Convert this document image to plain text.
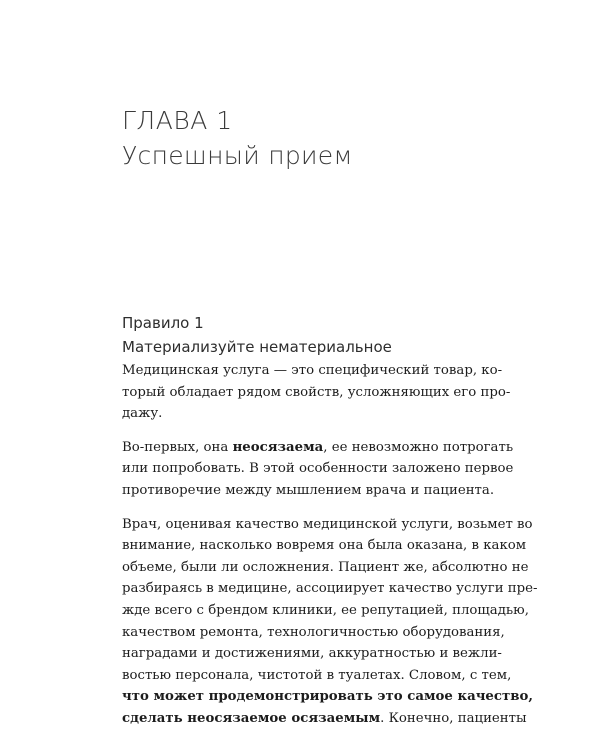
ГЛАВА 1
Успешный прием
Правило 1
Материализуйте нематериальное
Медицинская услуга — это специфический товар, ко-
торый обладает рядом свойств, усложняющих его про-
дажу.
Во-первых, она неосязаема, ее невозможно потрогать
или попробовать. В этой особенности заложено первое
противоречие между мышлением врача и пациента.
Врач, оценивая качество медицинской услуги, возьмет во
внимание, насколько вовремя она была оказана, в каком
объеме, были ли осложнения. Пациент же, абсолютно не
разбираясь в медицине, ассоциирует качество услуги пре-
жде всего с брендом клиники, ее репутацией, площадью,
качеством ремонта, технологичностью оборудования,
наградами и достижениями, аккуратностью и вежли-
востью персонала, чистотой в туалетах. Словом, с тем,
что может продемонстрировать это самое качество,
сделать неосязаемое осязаемым. Конечно, пациенты
